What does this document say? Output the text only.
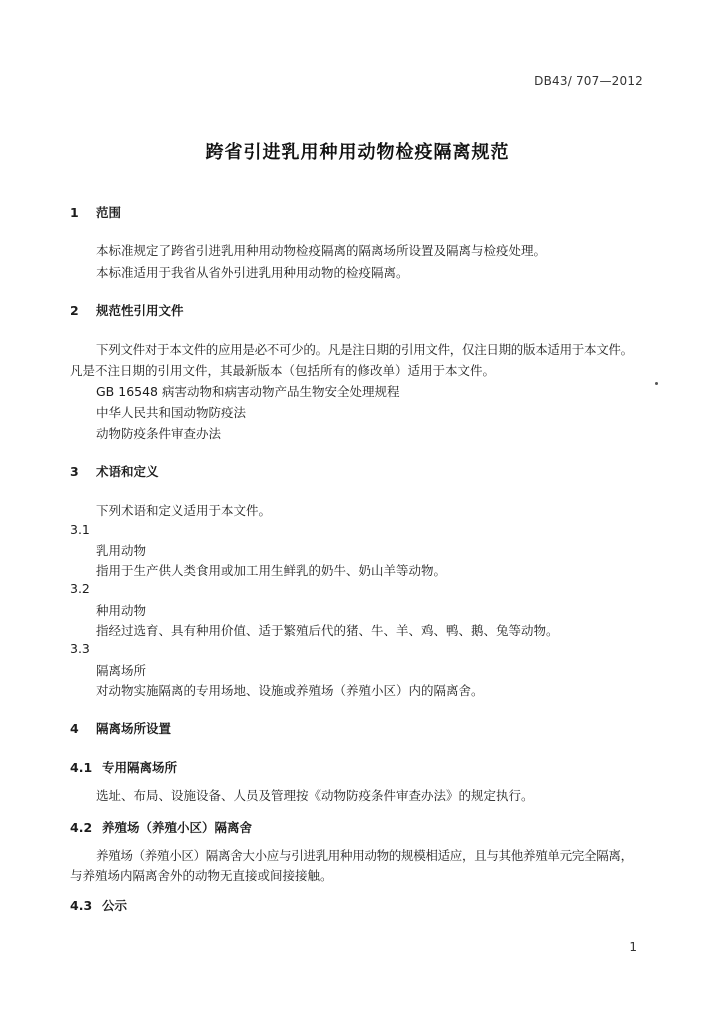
DB43/ 707—2012
跨省引进乳用种用动物检疫隔离规范
1 范围
本标准规定了跨省引进乳用种用动物检疫隔离的隔离场所设置及隔离与检疫处理。
本标准适用于我省从省外引进乳用种用动物的检疫隔离。
2 规范性引用文件
下列文件对于本文件的应用是必不可少的。凡是注日期的引用文件，仅注日期的版本适用于本文件。
凡是不注日期的引用文件，其最新版本（包括所有的修改单）适用于本文件。
GB 16548 病害动物和病害动物产品生物安全处理规程
中华人民共和国动物防疫法
动物防疫条件审查办法
3 术语和定义
下列术语和定义适用于本文件。
3.1
乳用动物
指用于生产供人类食用或加工用生鲜乳的奶牛、奶山羊等动物。
3.2
种用动物
指经过选育、具有种用价值、适于繁殖后代的猪、牛、羊、鸡、鸭、鹅、兔等动物。
3.3
隔离场所
对动物实施隔离的专用场地、设施或养殖场（养殖小区）内的隔离舍。
4 隔离场所设置
4.1 专用隔离场所
选址、布局、设施设备、人员及管理按《动物防疫条件审查办法》的规定执行。
4.2 养殖场（养殖小区）隔离舍
养殖场（养殖小区）隔离舍大小应与引进乳用种用动物的规模相适应，且与其他养殖单元完全隔离，
与养殖场内隔离舍外的动物无直接或间接接触。
4.3 公示
1
